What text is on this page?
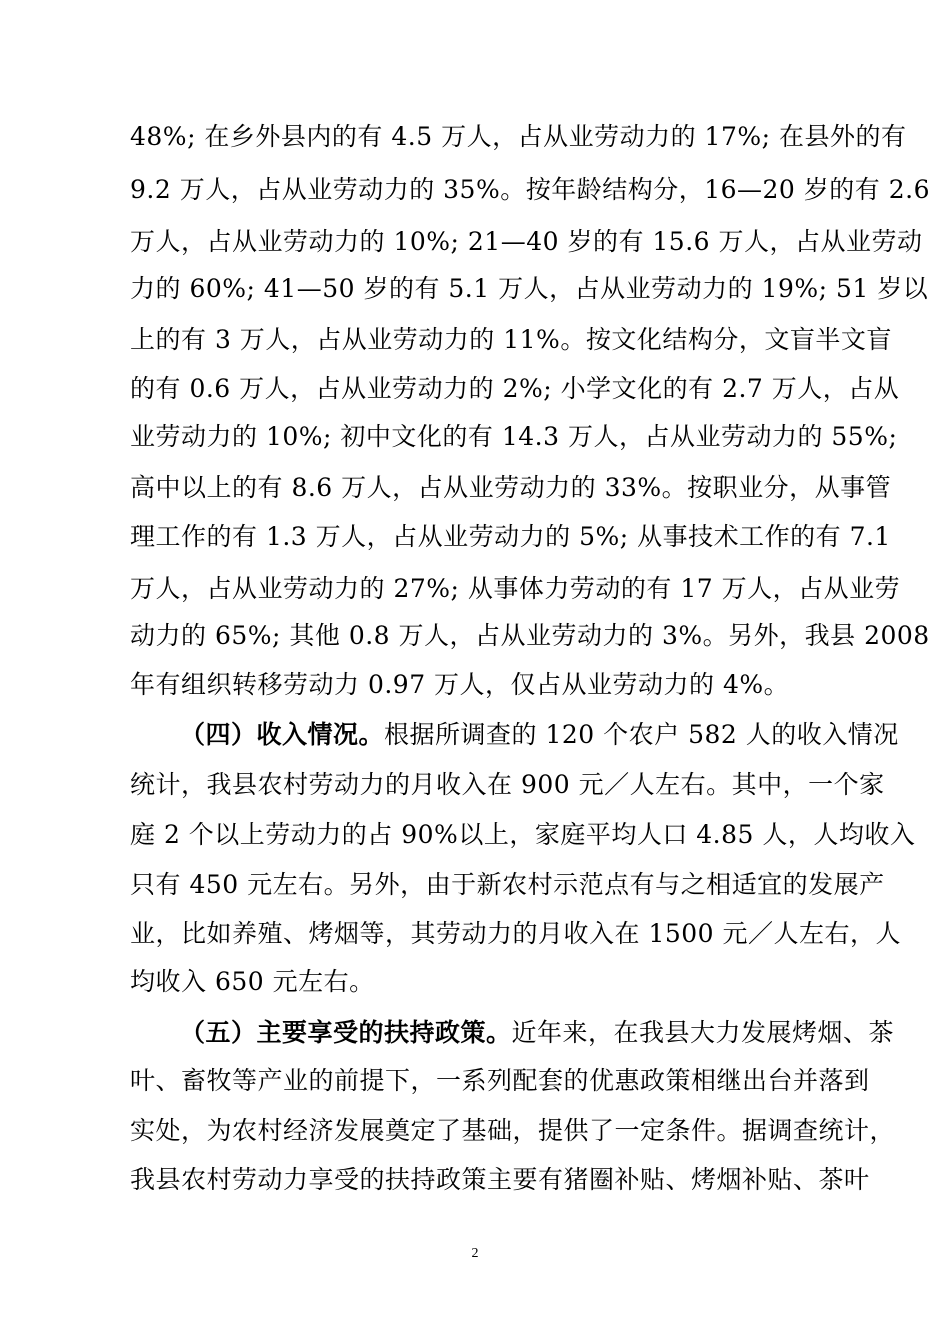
48%; 在乡外县内的有 4.5 万人，占从业劳动力的 17%; 在县外的有
9.2 万人，占从业劳动力的 35%。按年龄结构分，16—20 岁的有 2.6
万人，占从业劳动力的 10%; 21—40 岁的有 15.6 万人，占从业劳动
力的 60%; 41—50 岁的有 5.1 万人，占从业劳动力的 19%; 51 岁以
上的有 3 万人，占从业劳动力的 11%。按文化结构分，文盲半文盲
的有 0.6 万人，占从业劳动力的 2%; 小学文化的有 2.7 万人，占从
业劳动力的 10%; 初中文化的有 14.3 万人，占从业劳动力的 55%;
高中以上的有 8.6 万人，占从业劳动力的 33%。按职业分，从事管
理工作的有 1.3 万人，占从业劳动力的 5%; 从事技术工作的有 7.1
万人，占从业劳动力的 27%; 从事体力劳动的有 17 万人，占从业劳
动力的 65%; 其他 0.8 万人，占从业劳动力的 3%。另外，我县 2008
年有组织转移劳动力 0.97 万人，仅占从业劳动力的 4%。
（四）收入情况。根据所调查的 120 个农户 582 人的收入情况
统计，我县农村劳动力的月收入在 900 元／人左右。其中，一个家
庭 2 个以上劳动力的占 90%以上，家庭平均人口 4.85 人，人均收入
只有 450 元左右。另外，由于新农村示范点有与之相适宜的发展产
业，比如养殖、烤烟等，其劳动力的月收入在 1500 元／人左右，人
均收入 650 元左右。
（五）主要享受的扶持政策。近年来，在我县大力发展烤烟、茶
叶、畜牧等产业的前提下，一系列配套的优惠政策相继出台并落到
实处，为农村经济发展奠定了基础，提供了一定条件。据调查统计，
我县农村劳动力享受的扶持政策主要有猪圈补贴、烤烟补贴、茶叶
2
